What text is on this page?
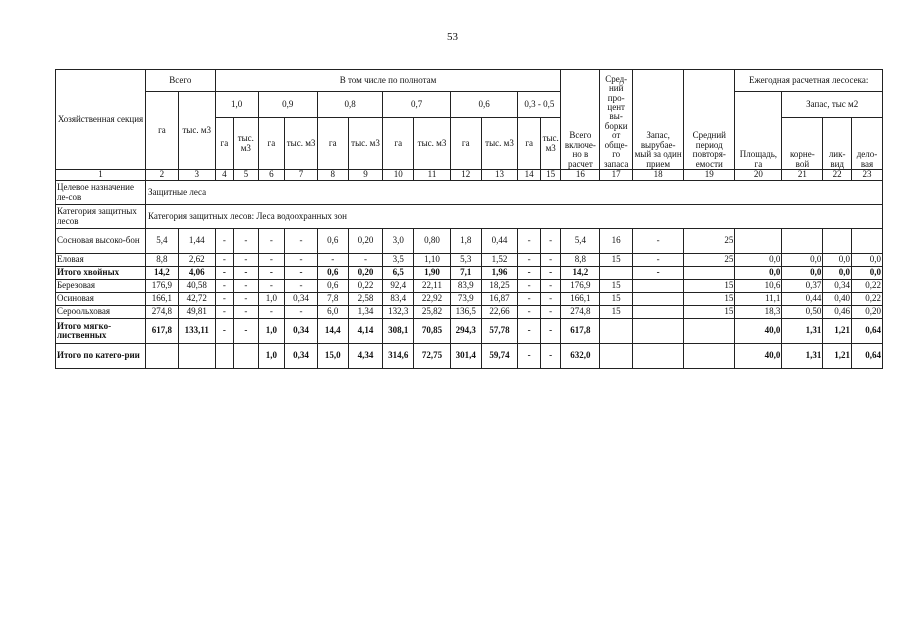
53
Хозяйственная секция	Всего		В том числе по полнотам												Всего включе-но в расчет	Сред-ний про-цент вы-борки от обще-го запаса	Запас, вырубае-мый за один прием	Средний период повторя-емости	Ежегодная расчетная лесосека:			
	га	тыс. м3	1,0		0,9		0,8		0,7		0,6		0,3 - 0,5						Площадь, га	Запас, тыс м2		
			га	тыс. м3	га	тыс. м3	га	тыс. м3	га	тыс. м3	га	тыс. м3	га	тыс. м3						корне-вой	лик-вид	дело-вая
1	2	3	4	5	6	7	8	9	10	11	12	13	14	15	16	17	18	19	20	21	22	23
Целевое назначение ле-сов	Защитные леса																					
Категория защитных лесов	Категория защитных лесов: Леса водоохранных зон																					
Сосновая высоко-бон	5,4	1,44	-	-	-	-	0,6	0,20	3,0	0,80	1,8	0,44	-	-	5,4	16	-	25				
Еловая	8,8	2,62	-	-	-	-	-	-	3,5	1,10	5,3	1,52	-	-	8,8	15	-	25	0,0	0,0	0,0	0,0
Итого хвойных	14,2	4,06	-	-	-	-	0,6	0,20	6,5	1,90	7,1	1,96	-	-	14,2		-		0,0	0,0	0,0	0,0
Березовая	176,9	40,58	-	-	-	-	0,6	0,22	92,4	22,11	83,9	18,25	-	-	176,9	15		15	10,6	0,37	0,34	0,22
Осиновая	166,1	42,72	-	-	1,0	0,34	7,8	2,58	83,4	22,92	73,9	16,87	-	-	166,1	15		15	11,1	0,44	0,40	0,22
Сероольховая	274,8	49,81	-	-	-	-	6,0	1,34	132,3	25,82	136,5	22,66	-	-	274,8	15		15	18,3	0,50	0,46	0,20
Итого мягко-лиственных	617,8	133,11	-	-	1,0	0,34	14,4	4,14	308,1	70,85	294,3	57,78	-	-	617,8				40,0	1,31	1,21	0,64
Итого по катего-рии					1,0	0,34	15,0	4,34	314,6	72,75	301,4	59,74	-	-	632,0				40,0	1,31	1,21	0,64
